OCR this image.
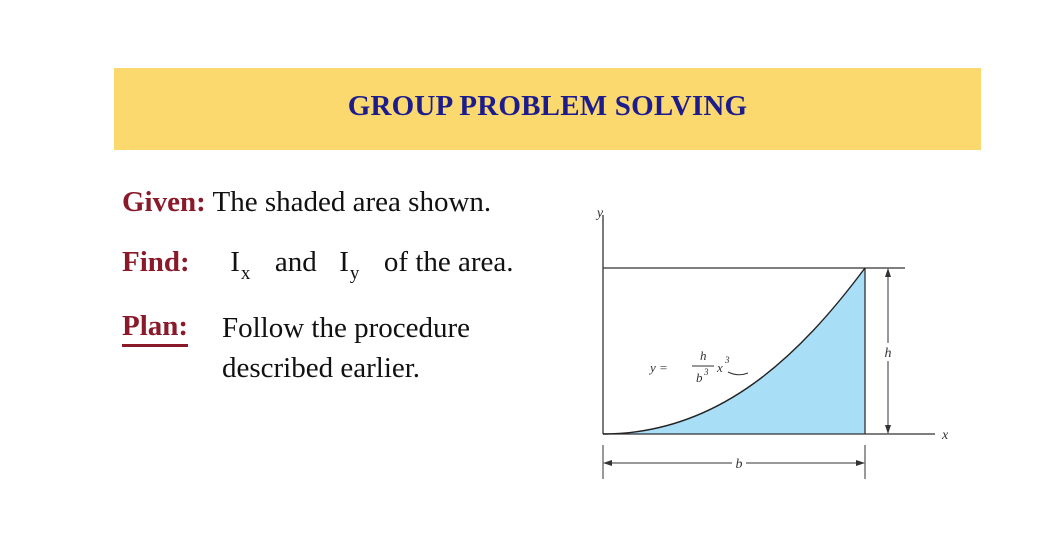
GROUP PROBLEM SOLVING
Given: The shaded area shown.
Find: $I_x$ and $I_y$ of the area.
Plan: Follow the procedure
described earlier.	h
b
y
x
y =
h
b 3 x 3
